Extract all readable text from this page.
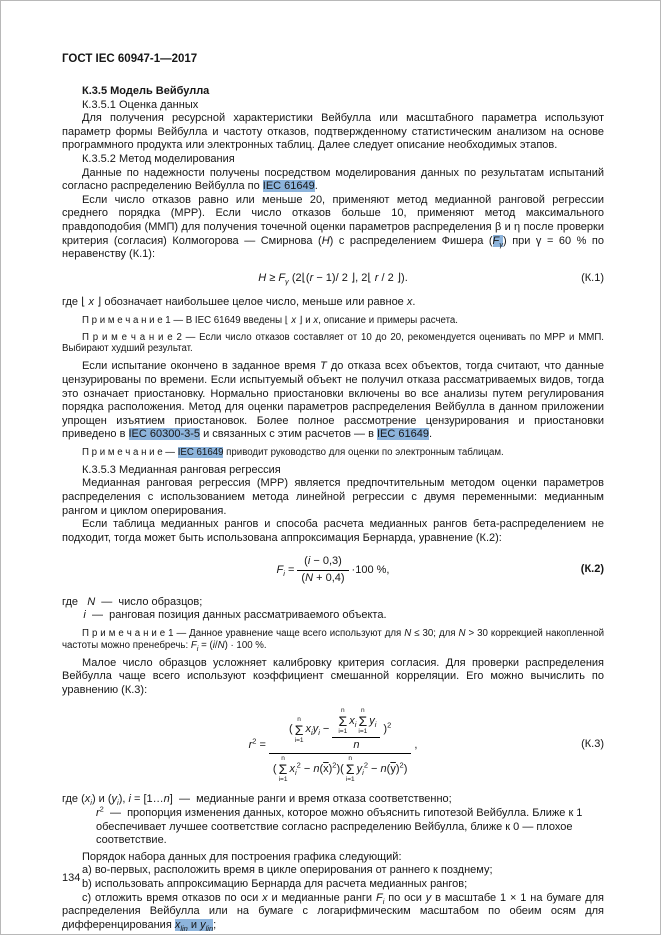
ГОСТ IEC 60947-1—2017
К.3.5 Модель Вейбулла
К.3.5.1 Оценка данных
Для получения ресурсной характеристики Вейбулла или масштабного параметра используют параметр формы Вейбулла и частоту отказов, подтвержденному статистическим анализом на основе программного продукта или электронных таблиц. Далее следует описание необходимых этапов.
К.3.5.2 Метод моделирования
Данные по надежности получены посредством моделирования данных по результатам испытаний согласно распределению Вейбулла по IEC 61649.
Если число отказов равно или меньше 20, применяют метод медианной ранговой регрессии среднего порядка (МРР). Если число отказов больше 10, применяют метод максимального правдоподобия (ММП) для получения точечной оценки параметров распределения β и η после проверки критерия (согласия) Колмогорова — Смирнова (H) с распределением Фишера $(F_\gamma)$ при γ = 60 % по неравенству (К.1):
$H \ge F_\gamma$ (2⌊(r − 1)/ 2 ⌋, 2⌊ r / 2 ⌋).	(К.1)
где ⌊ x ⌋ обозначает наибольшее целое число, меньше или равное x.
П р и м е ч а н и е 1 — В IEC 61649 введены ⌊ x ⌋ и x, описание и примеры расчета.
П р и м е ч а н и е 2 — Если число отказов составляет от 10 до 20, рекомендуется оценивать по МРР и ММП. Выбирают худший результат.
Если испытание окончено в заданное время T до отказа всех объектов, тогда считают, что данные цензурированы по времени. Если испытуемый объект не получил отказа рассматриваемых видов, тогда это означает приостановку. Нормально приостановки включены во все анализы путем регулирования порядка расположения. Метод для оценки параметров распределения Вейбулла в данном приложении упрощен изъятием приостановок. Более полное рассмотрение цензурирования и приостановки приведено в IEC 60300-3-5 и связанных с этим расчетов — в IEC 61649.
П р и м е ч а н и е — IEC 61649 приводит руководство для оценки по электронным таблицам.
К.3.5.3 Медианная ранговая регрессия
Медианная ранговая регрессия (МРР) является предпочтительным методом оценки параметров распределения с использованием метода линейной регрессии с двумя переменными: медианным рангом и циклом оперирования.
Если таблица медианных рангов и способа расчета медианных рангов бета-распределением не подходит, тогда может быть использована аппроксимация Бернарда, уравнение (К.2):
$F_i = \frac{(i - 0,3)}{(N + 0,4)} \cdot 100$ %,	(К.2)
где   N  —  число образцов;
i  —  ранговая позиция данных рассматриваемого объекта.
П р и м е ч а н и е 1 — Данное уравнение чаще всего используют для N ≤ 30; для N > 30 коррекцией накопленной частоты можно пренебречь: $F_i = (i/N) \cdot 100$ %.
Малое число образцов усложняет калибровку критерия согласия. Для проверки распределения Вейбулла чаще всего используют коэффициент смешанной корреляции. Его можно вычислить по уравнению (К.3):
$r^2$ = (
n
Σ
i=1
$x_iy_i - n$
Σ
i=1
$x_i$
n
Σ
i=1
$y_i$
n )$^2$
(
n
Σ
i=1
$x_i^2 - n(\overline{x})^2$)(
n
Σ
i=1
$y_i^2 - n(\overline{y})^2$) ,	(К.3)
где $(x_i)$ и $(y_i)$, i = [1…n]  —  медианные ранги и время отказа соответственно;
$r^2$  —  пропорция изменения данных, которое можно объяснить гипотезой Вейбулла. Ближе к 1 обеспечивает лучшее соответствие согласно распределению Вейбулла, ближе к 0 — плохое соответствие.
Порядок набора данных для построения графика следующий:
a) во-первых, расположить время в цикле оперирования от раннего к позднему;
b) использовать аппроксимацию Бернарда для расчета медианных рангов;
c) отложить время отказов по оси x и медианные ранги $F_i$ по оси y в масштабе 1 × 1 на бумаге для распределения Вейбулла или на бумаге с логарифмическим масштабом по обеим осям для дифференцирования $x_{lin}$ и $y_{lin}$;
134
